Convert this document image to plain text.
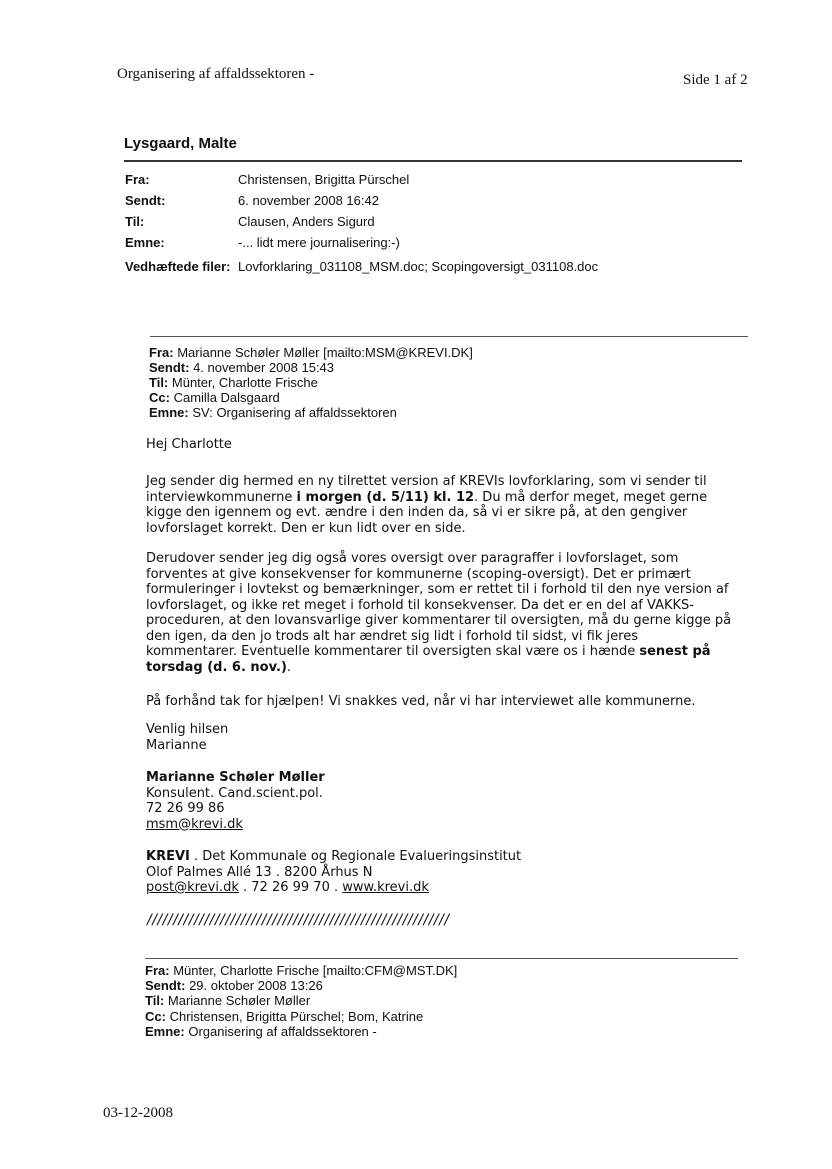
Organisering af affaldssektoren -	Side 1 af 2
Lysgaard, Malte
Fra:	Christensen, Brigitta Pürschel
Sendt:	6. november 2008 16:42
Til:	Clausen, Anders Sigurd
Emne:	-... lidt mere journalisering:-)
Vedhæftede filer: Lovforklaring_031108_MSM.doc; Scopingoversigt_031108.doc
Fra: Marianne Schøler Møller [mailto:MSM@KREVI.DK]
Sendt: 4. november 2008 15:43
Til: Münter, Charlotte Frische
Cc: Camilla Dalsgaard
Emne: SV: Organisering af affaldssektoren
Hej Charlotte

Jeg sender dig hermed en ny tilrettet version af KREVIs lovforklaring, som vi sender til

interviewkommunerne i morgen (d. 5/11) kl. 12. Du må derfor meget, meget gerne

kigge den igennem og evt. ændre i den inden da, så vi er sikre på, at den gengiver

lovforslaget korrekt. Den er kun lidt over en side.

Derudover sender jeg dig også vores oversigt over paragraffer i lovforslaget, som

forventes at give konsekvenser for kommunerne (scoping-oversigt). Det er primært

formuleringer i lovtekst og bemærkninger, som er rettet til i forhold til den nye version af

lovforslaget, og ikke ret meget i forhold til konsekvenser. Da det er en del af VAKKS-

proceduren, at den lovansvarlige giver kommentarer til oversigten, må du gerne kigge på

den igen, da den jo trods alt har ændret sig lidt i forhold til sidst, vi fik jeres

kommentarer. Eventuelle kommentarer til oversigten skal være os i hænde senest på

torsdag (d. 6. nov.).

På forhånd tak for hjælpen! Vi snakkes ved, når vi har interviewet alle kommunerne.

Venlig hilsen

Marianne

Marianne Schøler Møller

Konsulent. Cand.scient.pol.

72 26 99 86

msm@krevi.dk

KREVI . Det Kommunale og Regionale Evalueringsinstitut

Olof Palmes Allé 13 . 8200 Århus N

post@krevi.dk . 72 26 99 70 . www.krevi.dk

//////////////////////////////////////////////////////////
Fra: Münter, Charlotte Frische [mailto:CFM@MST.DK]
Sendt: 29. oktober 2008 13:26
Til: Marianne Schøler Møller
Cc: Christensen, Brigitta Pürschel; Bom, Katrine
Emne: Organisering af affaldssektoren -
03-12-2008
